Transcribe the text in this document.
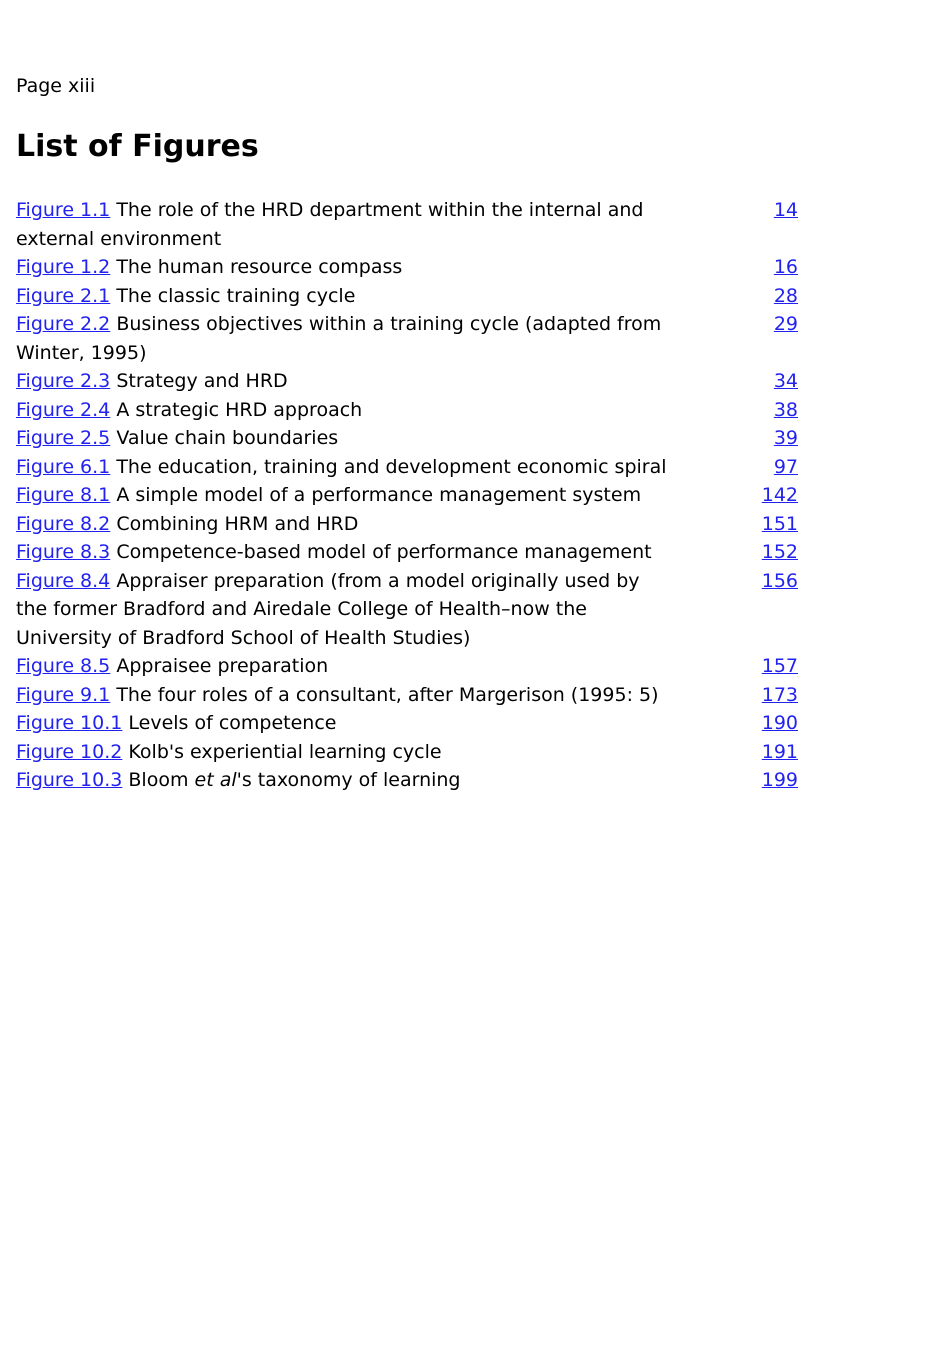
Page xiii

List of Figures
Figure 1.1 The role of the HRD department within the internal and external environment	14
Figure 1.2 The human resource compass	16
Figure 2.1 The classic training cycle	28
Figure 2.2 Business objectives within a training cycle (adapted from Winter, 1995)	29
Figure 2.3 Strategy and HRD	34
Figure 2.4 A strategic HRD approach	38
Figure 2.5 Value chain boundaries	39
Figure 6.1 The education, training and development economic spiral	97
Figure 8.1 A simple model of a performance management system	142
Figure 8.2 Combining HRM and HRD	151
Figure 8.3 Competence-based model of performance management	152
Figure 8.4 Appraiser preparation (from a model originally used by the former Bradford and Airedale College of Health–now the University of Bradford School of Health Studies)	156
Figure 8.5 Appraisee preparation	157
Figure 9.1 The four roles of a consultant, after Margerison (1995: 5)	173
Figure 10.1 Levels of competence	190
Figure 10.2 Kolb's experiential learning cycle	191
Figure 10.3 Bloom et al's taxonomy of learning	199
